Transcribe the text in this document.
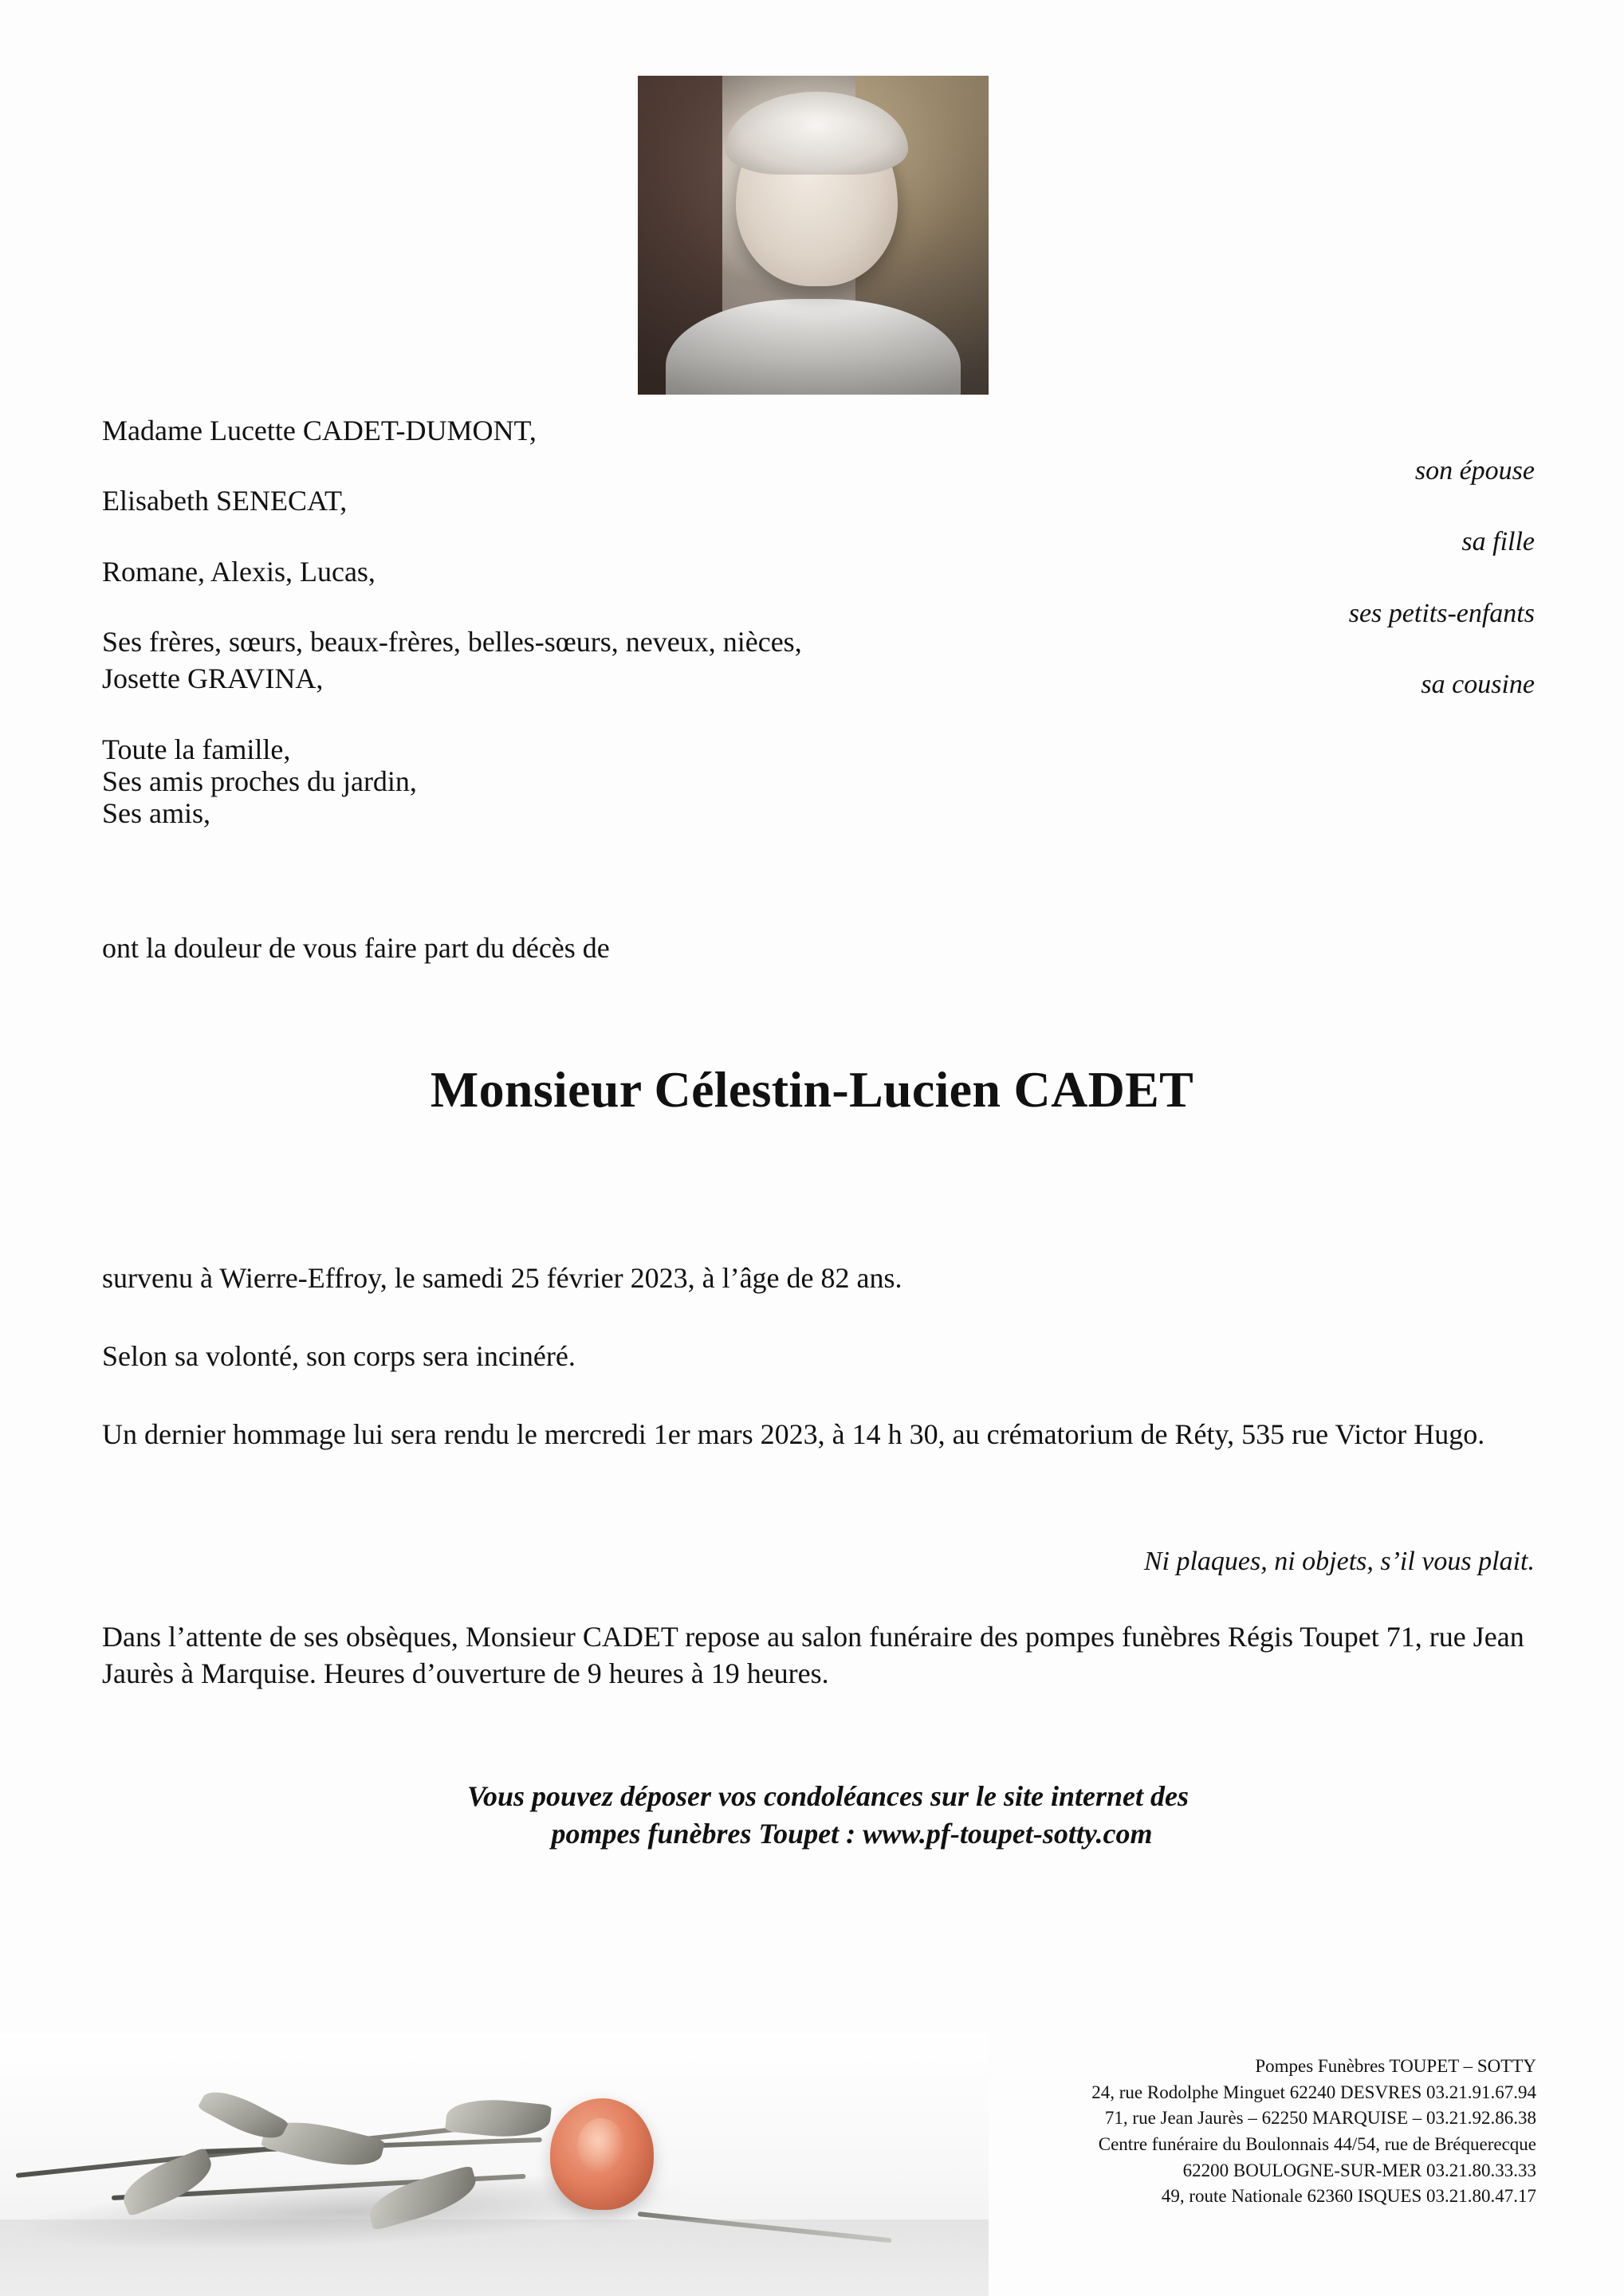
Madame Lucette CADET-DUMONT,
Elisabeth SENECAT,
Romane, Alexis, Lucas,
Ses frères, sœurs, beaux-frères, belles-sœurs, neveux, nièces,
Josette GRAVINA,
Toute la famille,
Ses amis proches du jardin,
Ses amis,
son épouse
sa fille
ses petits-enfants
sa cousine
ont la douleur de vous faire part du décès de
Monsieur Célestin-Lucien CADET

survenu à Wierre-Effroy, le samedi 25 février 2023, à l’âge de 82 ans.

Selon sa volonté, son corps sera incinéré.

Un dernier hommage lui sera rendu le mercredi 1er mars 2023, à 14 h 30, au crématorium de Réty, 535 rue Victor Hugo.

Ni plaques, ni objets, s’il vous plait.
Dans l’attente de ses obsèques, Monsieur CADET repose au salon funéraire des pompes funèbres Régis Toupet 71, rue Jean Jaurès à Marquise. Heures d’ouverture de 9 heures à 19 heures.
Vous pouvez déposer vos condoléances sur le site internet des
pompes funèbres Toupet : www.pf-toupet-sotty.com
Pompes Funèbres TOUPET – SOTTY
24, rue Rodolphe Minguet 62240 DESVRES 03.21.91.67.94
71, rue Jean Jaurès – 62250 MARQUISE – 03.21.92.86.38
Centre funéraire du Boulonnais 44/54, rue de Bréquerecque
62200 BOULOGNE-SUR-MER 03.21.80.33.33
49, route Nationale 62360 ISQUES 03.21.80.47.17
